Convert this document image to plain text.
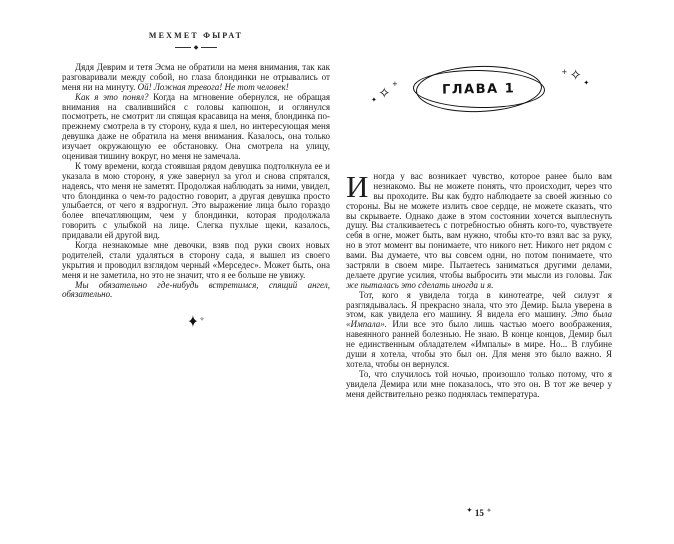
МЕХМЕТ ФЫРАТ
◆

Дядя Деврим и тетя Эсма не обратили на меня внимания, так как разговаривали между собой, но глаза блондинки не отрывались от меня ни на минуту. Ой! Ложная тревога! Не тот человек!

Как я это понял? Когда на мгновение обернулся, не обращая внимания на свалившийся с головы капюшон, и оглянулся посмотреть, не смотрит ли спящая красавица на меня, блондинка по-прежнему смотрела в ту сторону, куда я шел, но интересующая меня девушка даже не обратила на меня внимания. Казалось, она только изучает окружающую ее обстановку. Она смотрела на улицу, оценивая тишину вокруг, но меня не замечала.

К тому времени, когда стоявшая рядом девушка подтолкнула ее и указала в мою сторону, я уже завернул за угол и снова спрятался, надеясь, что меня не заметят. Продолжая наблюдать за ними, увидел, что блондинка о чем-то радостно говорит, а другая девушка просто улыбается, от чего я вздрогнул. Это выражение лица было гораздо более впечатляющим, чем у блондинки, которая продолжала говорить с улыбкой на лице. Слегка пухлые щеки, казалось, придавали ей другой вид.

Когда незнакомые мне девочки, взяв под руки своих новых родителей, стали удаляться в сторону сада, я вышел из своего укрытия и проводил взглядом черный «Мерседес». Может быть, она меня и не заметила, но это не значит, что я ее больше не увижу.

Мы обязательно где-нибудь встретимся, спящий ангел, обязательно.

✦✧
✧
✦
+	ГЛАВА 1
✧ ✦
+

Иногда у вас возникает чувство, которое ранее было вам незнакомо. Вы не можете понять, что происходит, через что вы проходите. Вы как будто наблюдаете за своей жизнью со стороны. Вы не можете излить свое сердце, не можете сказать, что вы скрываете. Однако даже в этом состоянии хочется выплеснуть душу. Вы сталкиваетесь с потребностью обнять кого-то, чувствуете себя в огне, может быть, вам нужно, чтобы кто-то взял вас за руку, но в этот момент вы понимаете, что никого нет. Никого нет рядом с вами. Вы думаете, что вы совсем одни, но потом понимаете, что застряли в своем мире. Пытаетесь заниматься другими делами, делаете другие усилия, чтобы выбросить эти мысли из головы. Так же пыталась это сделать иногда и я.

Тот, кого я увидела тогда в кинотеатре, чей силуэт я разглядывалась. Я прекрасно знала, что это Демир. Была уверена в этом, как увидела его машину. Я видела его машину. Это была «Импала». Или все это было лишь частью моего воображения, навеянного ранней болезнью. Не знаю. В конце концов, Демир был не единственным обладателем «Импалы» в мире. Но... В глубине души я хотела, чтобы это был он. Для меня это было важно. Я хотела, чтобы он вернулся.

То, что случилось той ночью, произошло только потому, что я увидела Демира или мне показалось, что это он. В тот же вечер у меня действительно резко поднялась температура.

✦ 15 ✧
